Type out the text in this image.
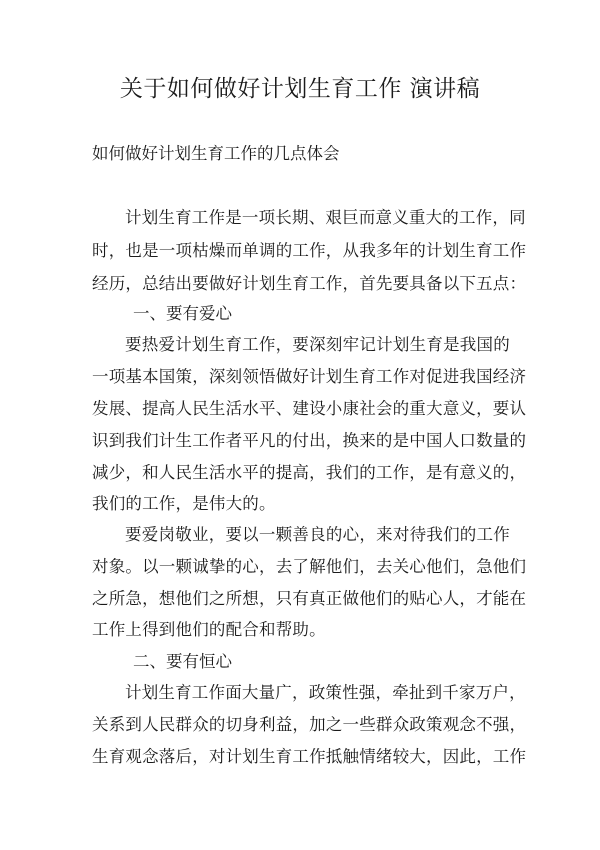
关于如何做好计划生育工作 演讲稿
如何做好计划生育工作的几点体会
计划生育工作是一项长期、艰巨而意义重大的工作，同
时，也是一项枯燥而单调的工作，从我多年的计划生育工作
经历，总结出要做好计划生育工作，首先要具备以下五点：
一、要有爱心
要热爱计划生育工作，要深刻牢记计划生育是我国的
一项基本国策，深刻领悟做好计划生育工作对促进我国经济
发展、提高人民生活水平、建设小康社会的重大意义，要认
识到我们计生工作者平凡的付出，换来的是中国人口数量的
减少，和人民生活水平的提高，我们的工作，是有意义的，
我们的工作，是伟大的。
要爱岗敬业，要以一颗善良的心，来对待我们的工作
对象。以一颗诚挚的心，去了解他们，去关心他们，急他们
之所急，想他们之所想，只有真正做他们的贴心人，才能在
工作上得到他们的配合和帮助。
二、要有恒心
计划生育工作面大量广，政策性强，牵扯到千家万户，
关系到人民群众的切身利益，加之一些群众政策观念不强，
生育观念落后，对计划生育工作抵触情绪较大，因此，工作
